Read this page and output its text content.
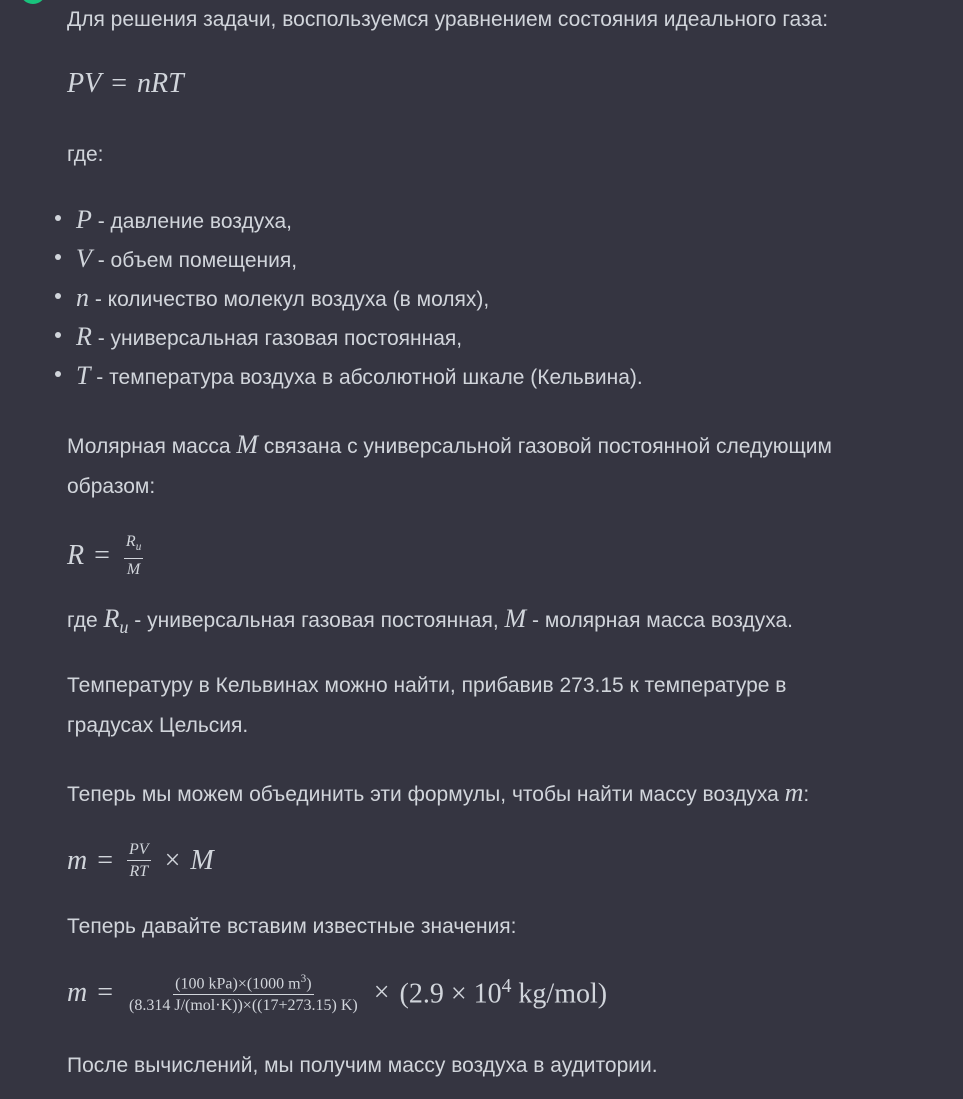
Для решения задачи, воспользуемся уравнением состояния идеального газа:
PV = nRT
где:
P - давление воздуха,
V - объем помещения,
n - количество молекул воздуха (в молях),
R - универсальная газовая постоянная,
T - температура воздуха в абсолютной шкале (Кельвина).
Молярная масса M связана с универсальной газовой постоянной следующим образом:
$R = \frac{R_u}{M}$
где $R_u$ - универсальная газовая постоянная, M - молярная масса воздуха.
Температуру в Кельвинах можно найти, прибавив 273.15 к температуре в градусах Цельсия.
Теперь мы можем объединить эти формулы, чтобы найти массу воздуха m:
$m = \frac{PV}{RT} \times M$
Теперь давайте вставим известные значения:
$m = \frac{(100 kPa)\times(1000 m^3)}{\text{(8.314 J/(mol·K))×((17+273.15) K)}} \times (2.9 \times 10^4$ kg/mol)
После вычислений, мы получим массу воздуха в аудитории.
